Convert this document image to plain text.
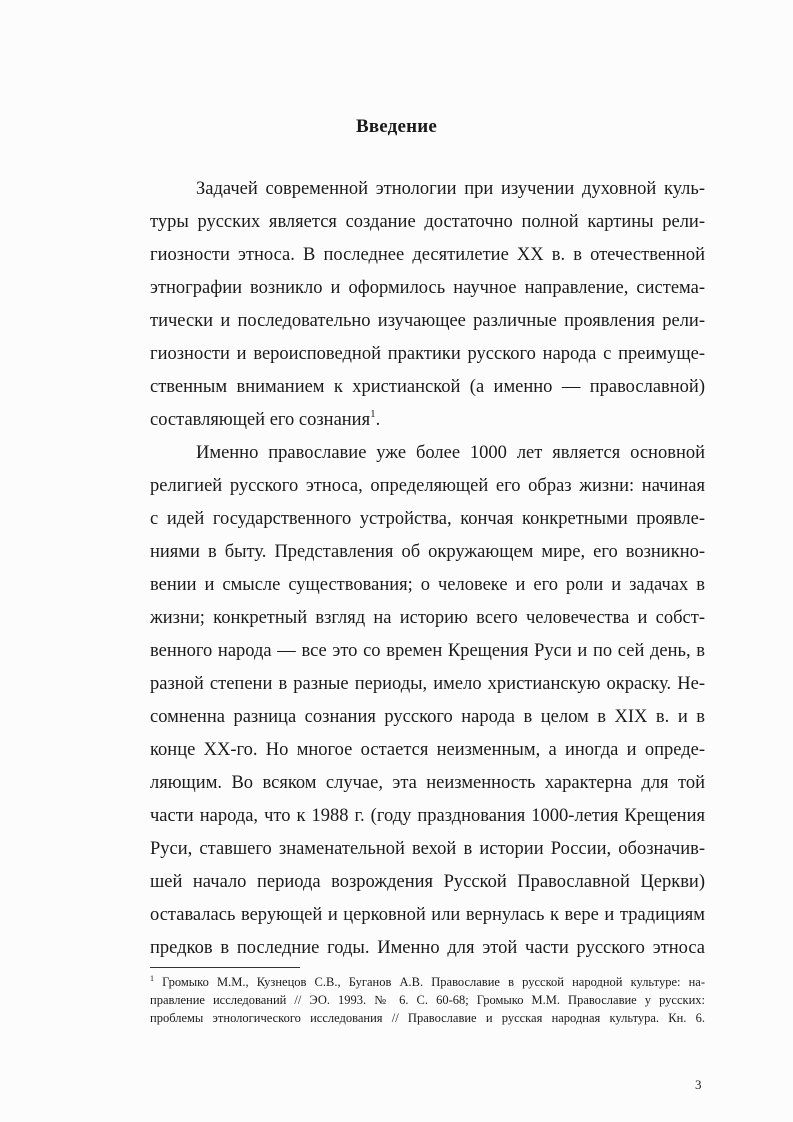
Введение
Задачей современной этнологии при изучении духовной куль-
туры русских является создание достаточно полной картины рели-
гиозности этноса. В последнее десятилетие XX в. в отечественной
этнографии возникло и оформилось научное направление, система-
тически и последовательно изучающее различные проявления рели-
гиозности и вероисповедной практики русского народа с преимуще-
ственным вниманием к христианской (а именно — православной)
составляющей его сознания$^1$.
Именно православие уже более 1000 лет является основной
религией русского этноса, определяющей его образ жизни: начиная
с идей государственного устройства, кончая конкретными проявле-
ниями в быту. Представления об окружающем мире, его возникно-
вении и смысле существования; о человеке и его роли и задачах в
жизни; конкретный взгляд на историю всего человечества и собст-
венного народа — все это со времен Крещения Руси и по сей день, в
разной степени в разные периоды, имело христианскую окраску. Не-
сомненна разница сознания русского народа в целом в XIX в. и в
конце XX-го. Но многое остается неизменным, а иногда и опреде-
ляющим. Во всяком случае, эта неизменность характерна для той
части народа, что к 1988 г. (году празднования 1000-летия Крещения
Руси, ставшего знаменательной вехой в истории России, обозначив-
шей начало периода возрождения Русской Православной Церкви)
оставалась верующей и церковной или вернулась к вере и традициям
предков в последние годы. Именно для этой части русского этноса
$^1$ Громыко М.М., Кузнецов С.В., Буганов А.В. Православие в русской народной культуре: на-
правление исследований // ЭО. 1993. № 6. С. 60-68; Громыко М.М. Православие у русских:
проблемы этнологического исследования // Православие и русская народная культура. Кн. 6.
3
